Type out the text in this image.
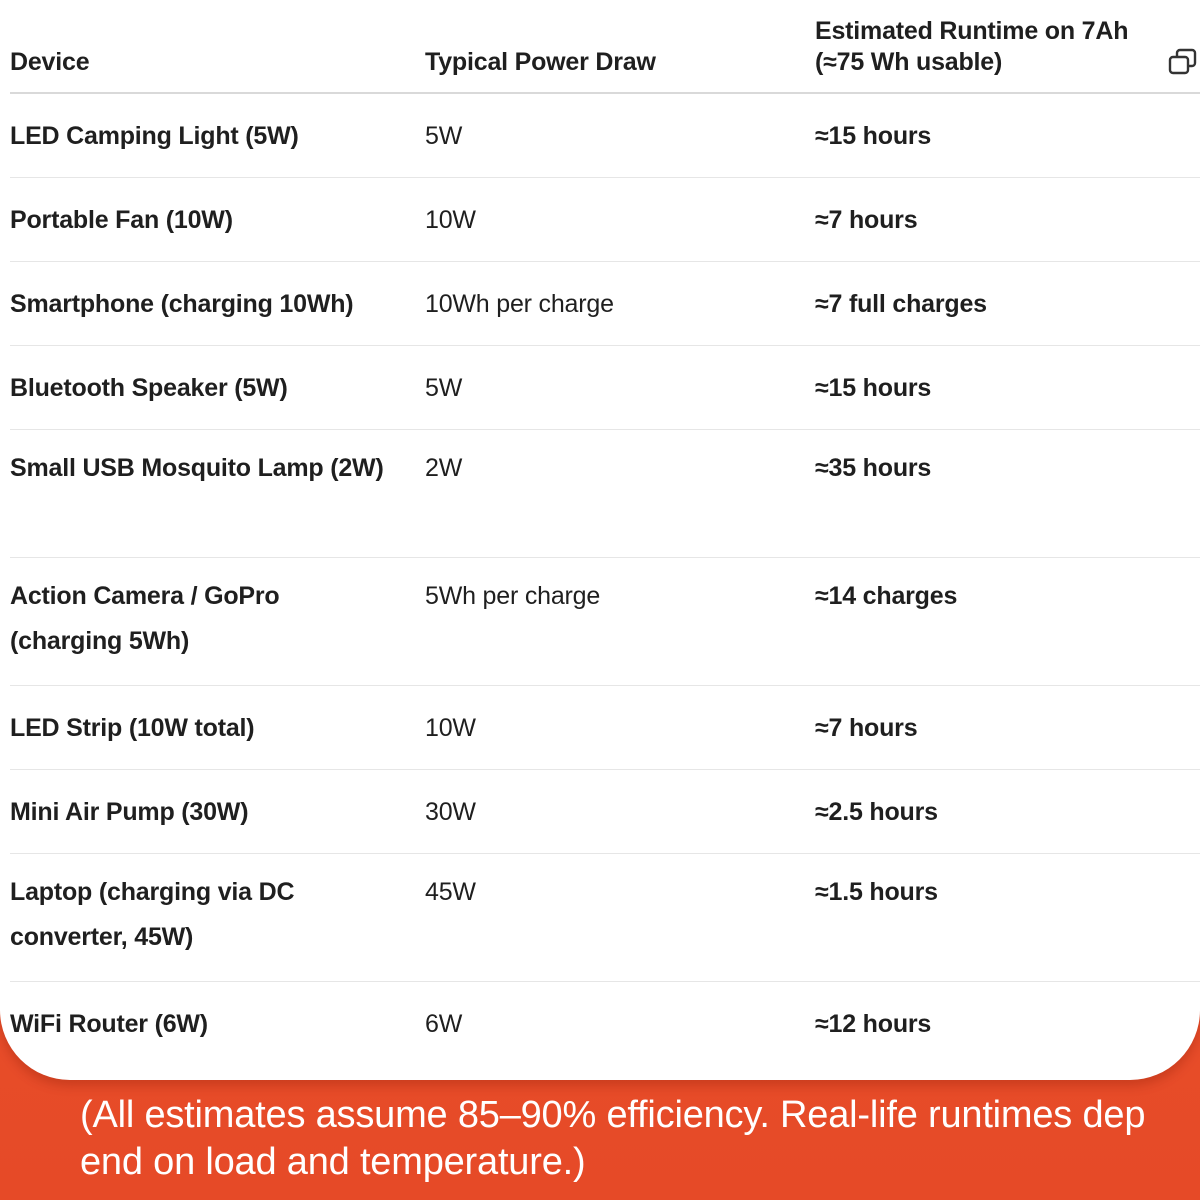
Device	Typical Power Draw	Estimated Runtime on 7Ah (≈75 Wh usable)

LED Camping Light (5W)	5W	≈15 hours
Portable Fan (10W)	10W	≈7 hours
Smartphone (charging 10Wh)	10Wh per charge	≈7 full charges
Bluetooth Speaker (5W)	5W	≈15 hours
Small USB Mosquito Lamp (2W)	2W	≈35 hours
Action Camera / GoPro (charging 5Wh)	5Wh per charge	≈14 charges
LED Strip (10W total)	10W	≈7 hours
Mini Air Pump (30W)	30W	≈2.5 hours
Laptop (charging via DC converter, 45W)	45W	≈1.5 hours
WiFi Router (6W)	6W	≈12 hours

(All estimates assume 85–90% efficiency. Real-life runtimes depend on load and temperature.)
